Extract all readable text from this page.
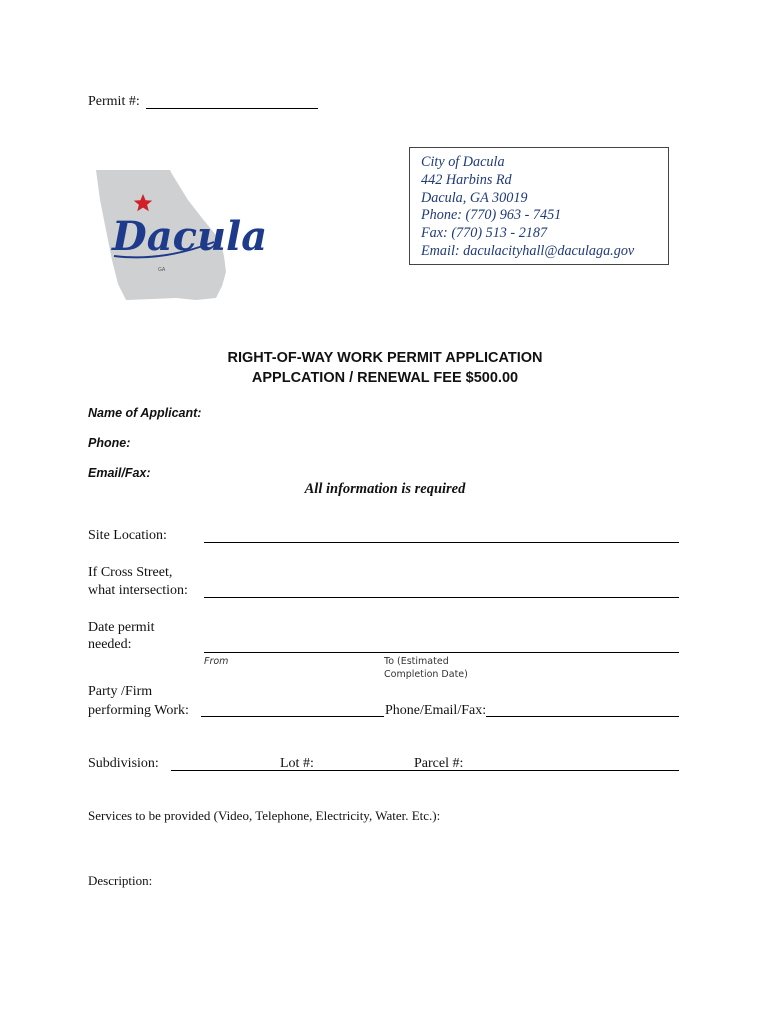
Permit #:
Dacula
GA
City of Dacula
442 Harbins Rd
Dacula, GA 30019
Phone: (770) 963 - 7451
Fax: (770) 513 - 2187
Email: daculacityhall@daculaga.gov
RIGHT-OF-WAY WORK PERMIT APPLICATION
APPLCATION / RENEWAL FEE $500.00
Name of Applicant:
Phone:
Email/Fax:
All information is required
Site Location:
If Cross Street,
what intersection:
Date permit
needed:
From	To (Estimated
Completion Date)
Party /Firm
performing Work:	Phone/Email/Fax:
Subdivision:	Lot #:	Parcel #:
Services to be provided (Video, Telephone, Electricity, Water. Etc.):
Description:
